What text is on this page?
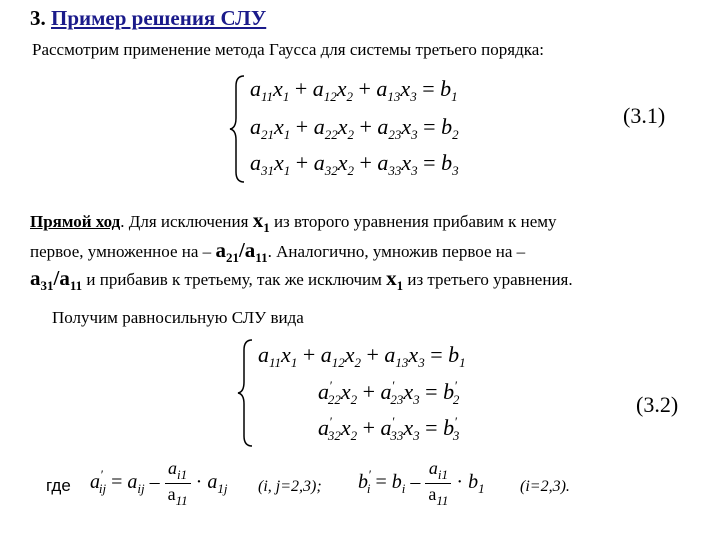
3. Пример решения СЛУ
Рассмотрим применение метода Гаусса для системы третьего порядка:
$a_{11}x_1 + a_{12}x_2 + a_{13}x_3 = b_1$
$a_{21}x_1 + a_{22}x_2 + a_{23}x_3 = b_2$
$a_{31}x_1 + a_{32}x_2 + a_{33}x_3 = b_3$
(3.1)
Прямой ход. Для исключения $x_1$ из второго уравнения прибавим к нему
первое, умноженное на – $a_{21}/a_{11}$. Аналогично, умножив первое на –
$a_{31}/a_{11}$ и прибавив к третьему, так же исключим $x_1$ из третьего уравнения.
Получим равносильную СЛУ вида
$a_{11}x_1 + a_{12}x_2 + a_{13}x_3 = b_1$
$a'_{22}x_2 + a'_{23}x_3 = b'_2$
$a'_{32}x_2 + a'_{33}x_3 = b'_3$
(3.2)
где $a'_{ij} = a_{ij} - \frac{a_{i1}}{a_{11}} \cdot a_{1j}$ (i, j=2,3); $b'_i = b_i - \frac{a_{i1}}{a_{11}} \cdot b_1$ (i=2,3).
